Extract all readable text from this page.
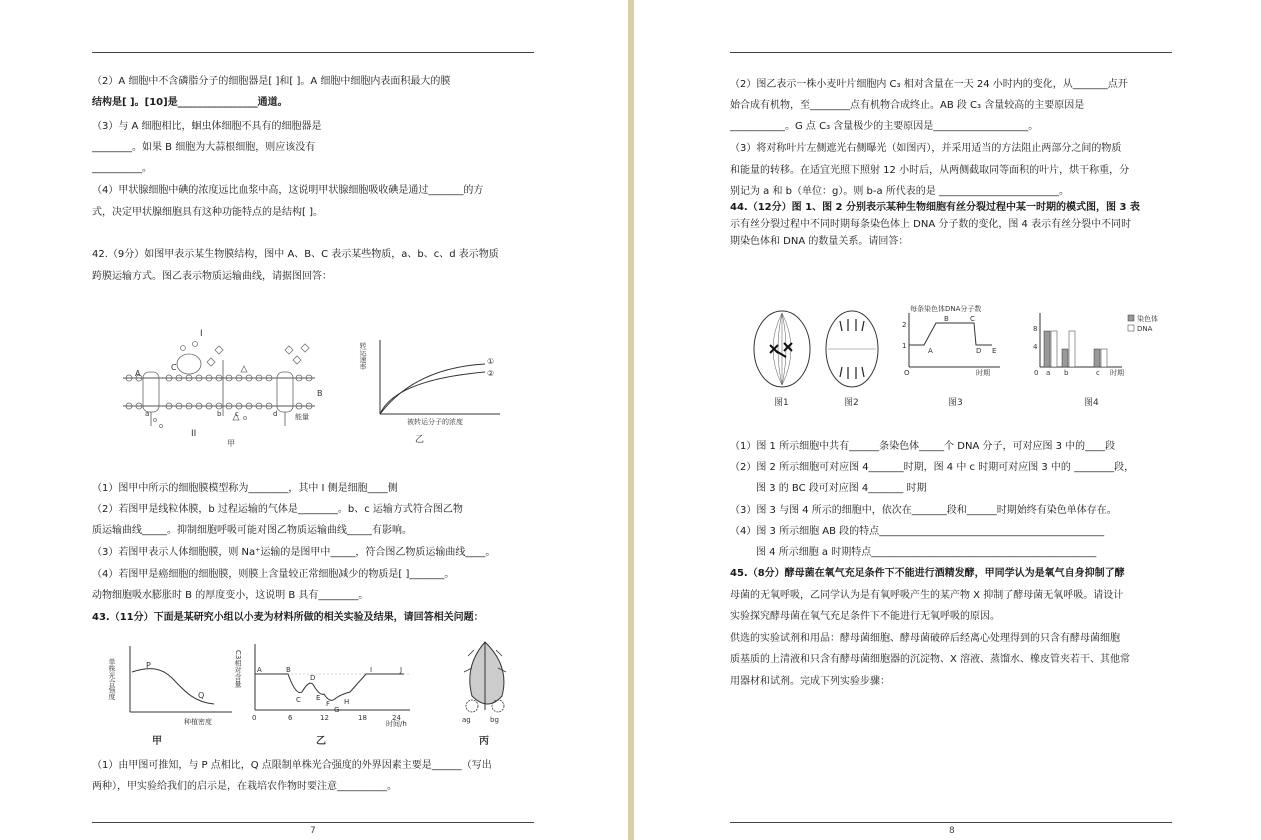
（2）A 细胞中不含磷脂分子的细胞器是[ ]和[ ]。A 细胞中细胞内表面积最大的膜
结构是[ ]。[10]是________________通道。
（3）与 A 细胞相比，蛔虫体细胞不具有的细胞器是
________。如果 B 细胞为大蒜根细胞，则应该没有
__________。
（4）甲状腺细胞中碘的浓度远比血浆中高，这说明甲状腺细胞吸收碘是通过_______的方
式，决定甲状腺细胞具有这种功能特点的是结构[ ]。
42.（9分）如图甲表示某生物膜结构，图中 A、B、C 表示某些物质，a、b、c、d 表示物质
跨膜运输方式。图乙表示物质运输曲线，请据图回答：
I
II
甲
A
B
C
a	b c	d	能量
转运速率
被转运分子的浓度
①
②
乙
（1）图甲中所示的细胞膜模型称为________，其中 I 侧是细胞____侧
（2）若图甲是线粒体膜，b 过程运输的气体是________。b、c 运输方式符合图乙物
质运输曲线_____。抑制细胞呼吸可能对图乙物质运输曲线_____有影响。
（3）若图甲表示人体细胞膜，则 Na⁺运输的是图甲中_____，符合图乙物质运输曲线____。
（4）若图甲是癌细胞的细胞膜，则膜上含量较正常细胞减少的物质是[ ]_______。
动物细胞吸水膨胀时 B 的厚度变小，这说明 B 具有________。
43.（11分）下面是某研究小组以小麦为材料所做的相关实验及结果，请回答相关问题：
单株光合强度
种植密度
P
Q
甲
C3相对含量
时间/h
0	6	12	18	24
A	B
C
D
E
F
G
H
I	J
乙
ag	bg
丙
（1）由甲图可推知，与 P 点相比，Q 点限制单株光合强度的外界因素主要是______（写出
两种），甲实验给我们的启示是，在栽培农作物时要注意__________。
7
（2）图乙表示一株小麦叶片细胞内 C₃ 相对含量在一天 24 小时内的变化，从_______点开
始合成有机物，至________点有机物合成终止。AB 段 C₃ 含量较高的主要原因是
___________。G 点 C₃ 含量极少的主要原因是___________________。
（3）将对称叶片左侧遮光右侧曝光（如图丙），并采用适当的方法阻止两部分之间的物质
和能量的转移。在适宜光照下照射 12 小时后，从两侧截取同等面积的叶片，烘干称重，分
别记为 a 和 b（单位：g）。则 b-a 所代表的是 ________________________。
44.（12分）图 1、图 2 分别表示某种生物细胞有丝分裂过程中某一时期的模式图，图 3 表
示有丝分裂过程中不同时期每条染色体上 DNA 分子数的变化，图 4 表示有丝分裂中不同时
期染色体和 DNA 的数量关系。请回答：
图1	图2
每条染色体DNA分子数
2
1
O
A
B	C
D E
时期
图3
8
4
0	时期
染色体
DNA
a b	c
图4
（1）图 1 所示细胞中共有______条染色体_____个 DNA 分子，可对应图 3 中的____段
（2）图 2 所示细胞可对应图 4_______时期，图 4 中 c 时期可对应图 3 中的 ________段，
图 3 的 BC 段可对应图 4_______ 时期
（3）图 3 与图 4 所示的细胞中，依次在_______段和______时期始终有染色单体存在。
（4）图 3 所示细胞 AB 段的特点_____________________________________________
图 4 所示细胞 a 时期特点_____________________________________________
45.（8分）酵母菌在氧气充足条件下不能进行酒精发酵，甲同学认为是氧气自身抑制了酵
母菌的无氧呼吸，乙同学认为是有氧呼吸产生的某产物 X 抑制了酵母菌无氧呼吸。请设计
实验探究酵母菌在氧气充足条件下不能进行无氧呼吸的原因。
供选的实验试剂和用品：酵母菌细胞、酵母菌破碎后经离心处理得到的只含有酵母菌细胞
质基质的上清液和只含有酵母菌细胞器的沉淀物、X 溶液、蒸馏水、橡皮管夹若干、其他常
用器材和试剂。完成下列实验步骤：
8
